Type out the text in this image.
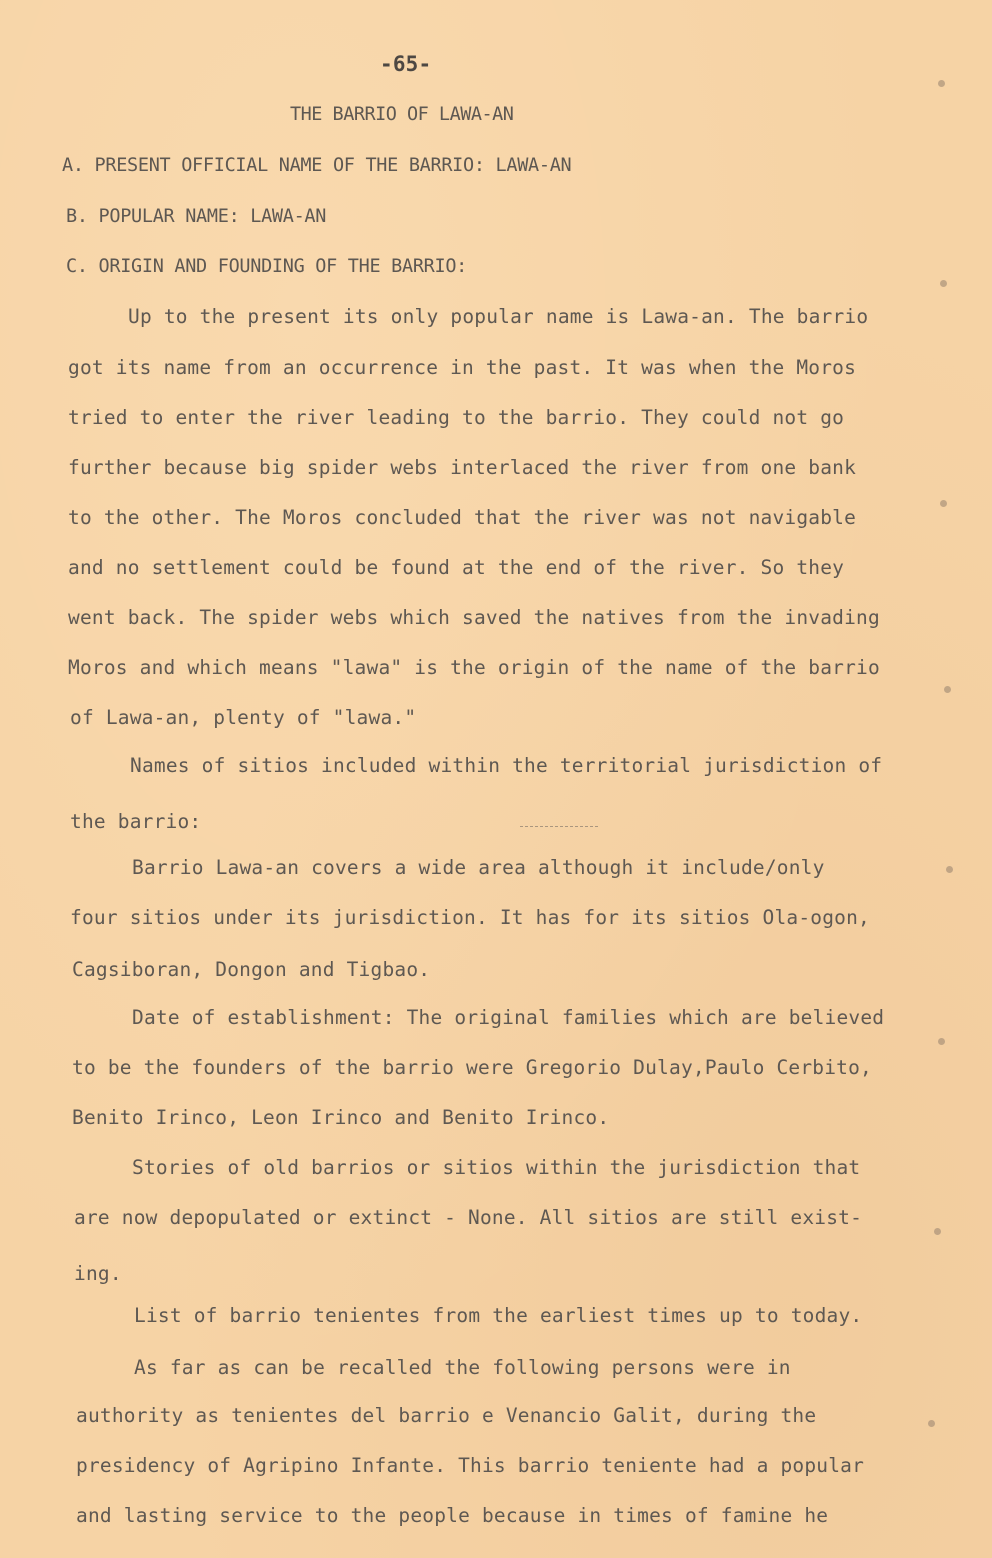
-65-
THE BARRIO OF LAWA-AN
A. PRESENT OFFICIAL NAME OF THE BARRIO: LAWA-AN
B. POPULAR NAME: LAWA-AN
C. ORIGIN AND FOUNDING OF THE BARRIO:
Up to the present its only popular name is Lawa-an. The barrio
got its name from an occurrence in the past. It was when the Moros
tried to enter the river leading to the barrio. They could not go
further because big spider webs interlaced the river from one bank
to the other. The Moros concluded that the river was not navigable
and no settlement could be found at the end of the river. So they
went back. The spider webs which saved the natives from the invading
Moros and which means "lawa" is the origin of the name of the barrio
of Lawa-an, plenty of "lawa."
Names of sitios included within the territorial jurisdiction of
the barrio:
Barrio Lawa-an covers a wide area although it include/only
four sitios under its jurisdiction. It has for its sitios Ola-ogon,
Cagsiboran, Dongon and Tigbao.
Date of establishment: The original families which are believed
to be the founders of the barrio were Gregorio Dulay,Paulo Cerbito,
Benito Irinco, Leon Irinco and Benito Irinco.
Stories of old barrios or sitios within the jurisdiction that
are now depopulated or extinct - None. All sitios are still exist-
ing.
List of barrio tenientes from the earliest times up to today.
As far as can be recalled the following persons were in
authority as tenientes del barrio e Venancio Galit, during the
presidency of Agripino Infante. This barrio teniente had a popular
and lasting service to the people because in times of famine he
